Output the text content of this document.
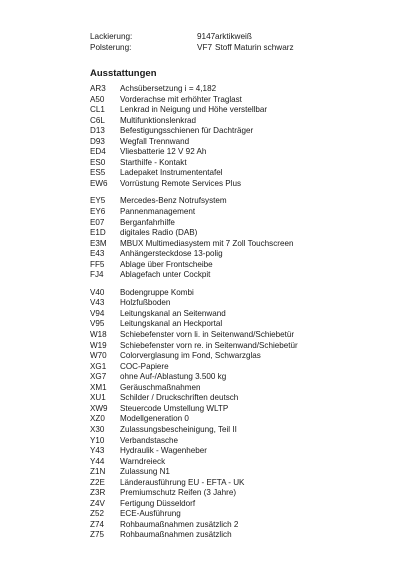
Lackierung:	9147 arktikweiß
Polsterung:	VF7 Stoff Maturin schwarz
Ausstattungen
AR3	Achsübersetzung i = 4,182
A50	Vorderachse mit erhöhter Traglast
CL1	Lenkrad in Neigung und Höhe verstellbar
C6L	Multifunktionslenkrad
D13	Befestigungsschienen für Dachträger
D93	Wegfall Trennwand
ED4	Vliesbatterie 12 V 92 Ah
ES0	Starthilfe - Kontakt
ES5	Ladepaket Instrumententafel
EW6	Vorrüstung Remote Services Plus
EY5	Mercedes-Benz Notrufsystem
EY6	Pannenmanagement
E07	Berganfahrhilfe
E1D	digitales Radio (DAB)
E3M	MBUX Multimediasystem mit 7 Zoll Touchscreen
E43	Anhängersteckdose 13-polig
FF5	Ablage über Frontscheibe
FJ4	Ablagefach unter Cockpit
V40	Bodengruppe Kombi
V43	Holzfußboden
V94	Leitungskanal an Seitenwand
V95	Leitungskanal an Heckportal
W18	Schiebefenster vorn li. in Seitenwand/Schiebetür
W19	Schiebefenster vorn re. in Seitenwand/Schiebetür
W70	Colorverglasung im Fond, Schwarzglas
XG1	COC-Papiere
XG7	ohne Auf-/Ablastung 3.500 kg
XM1	Geräuschmaßnahmen
XU1	Schilder / Druckschriften deutsch
XW9	Steuercode Umstellung WLTP
XZ0	Modellgeneration 0
X30	Zulassungsbescheinigung, Teil II
Y10	Verbandstasche
Y43	Hydraulik - Wagenheber
Y44	Warndreieck
Z1N	Zulassung N1
Z2E	Länderausführung EU - EFTA - UK
Z3R	Premiumschutz Reifen (3 Jahre)
Z4V	Fertigung Düsseldorf
Z52	ECE-Ausführung
Z74	Rohbaumaßnahmen zusätzlich 2
Z75	Rohbaumaßnahmen zusätzlich
